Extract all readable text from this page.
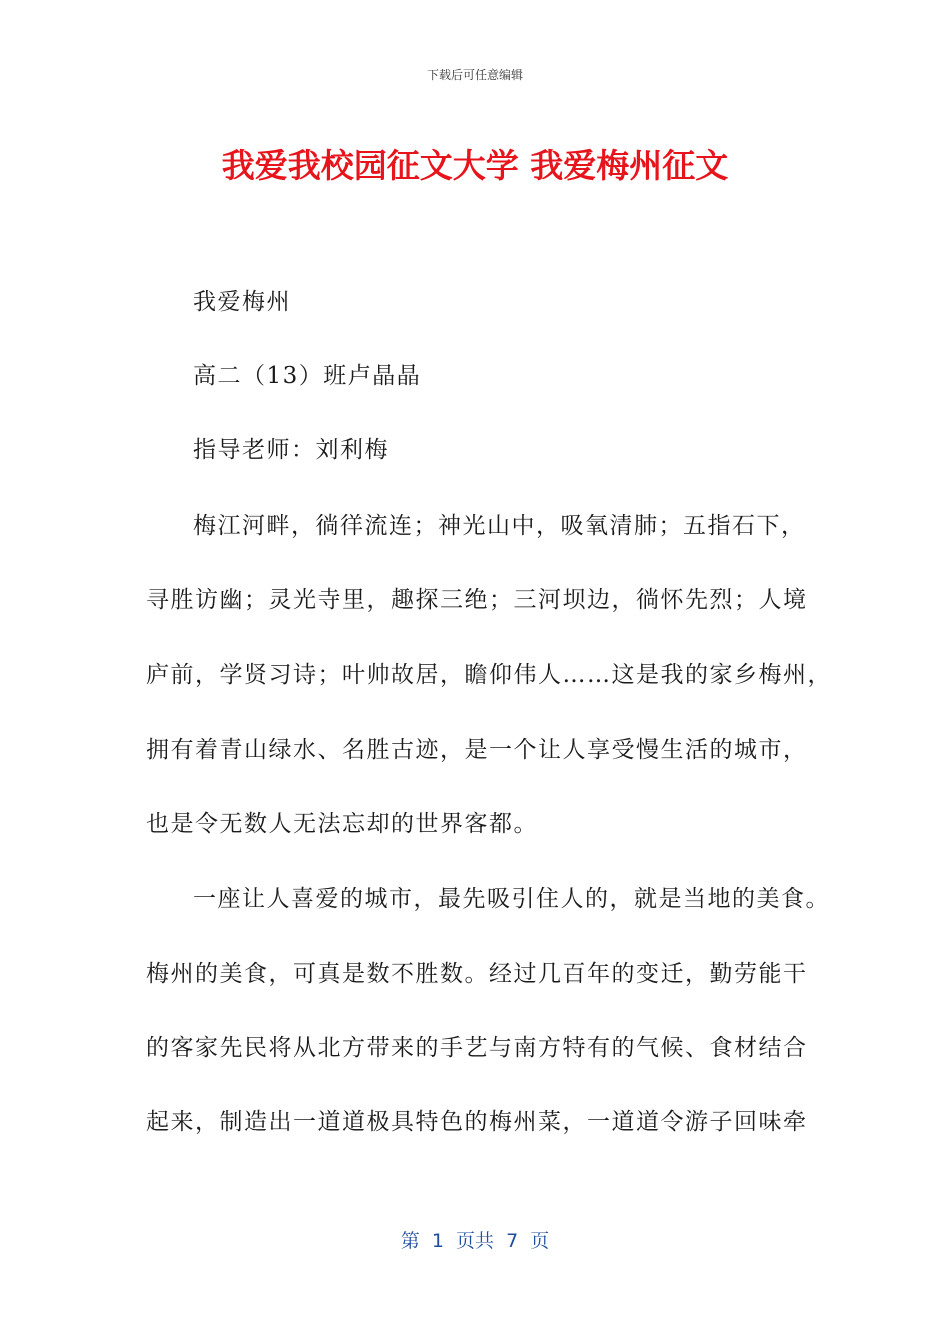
下载后可任意编辑
我爱我校园征文大学 我爱梅州征文
我爱梅州
高二（13）班卢晶晶
指导老师：刘利梅
梅江河畔，徜徉流连；神光山中，吸氧清肺；五指石下，
寻胜访幽；灵光寺里，趣探三绝；三河坝边，徜怀先烈；人境
庐前，学贤习诗；叶帅故居，瞻仰伟人……这是我的家乡梅州，
拥有着青山绿水、名胜古迹，是一个让人享受慢生活的城市，
也是令无数人无法忘却的世界客都。
一座让人喜爱的城市，最先吸引住人的，就是当地的美食。
梅州的美食，可真是数不胜数。经过几百年的变迁，勤劳能干
的客家先民将从北方带来的手艺与南方特有的气候、食材结合
起来，制造出一道道极具特色的梅州菜，一道道令游子回味牵
第  1  页共  7  页
